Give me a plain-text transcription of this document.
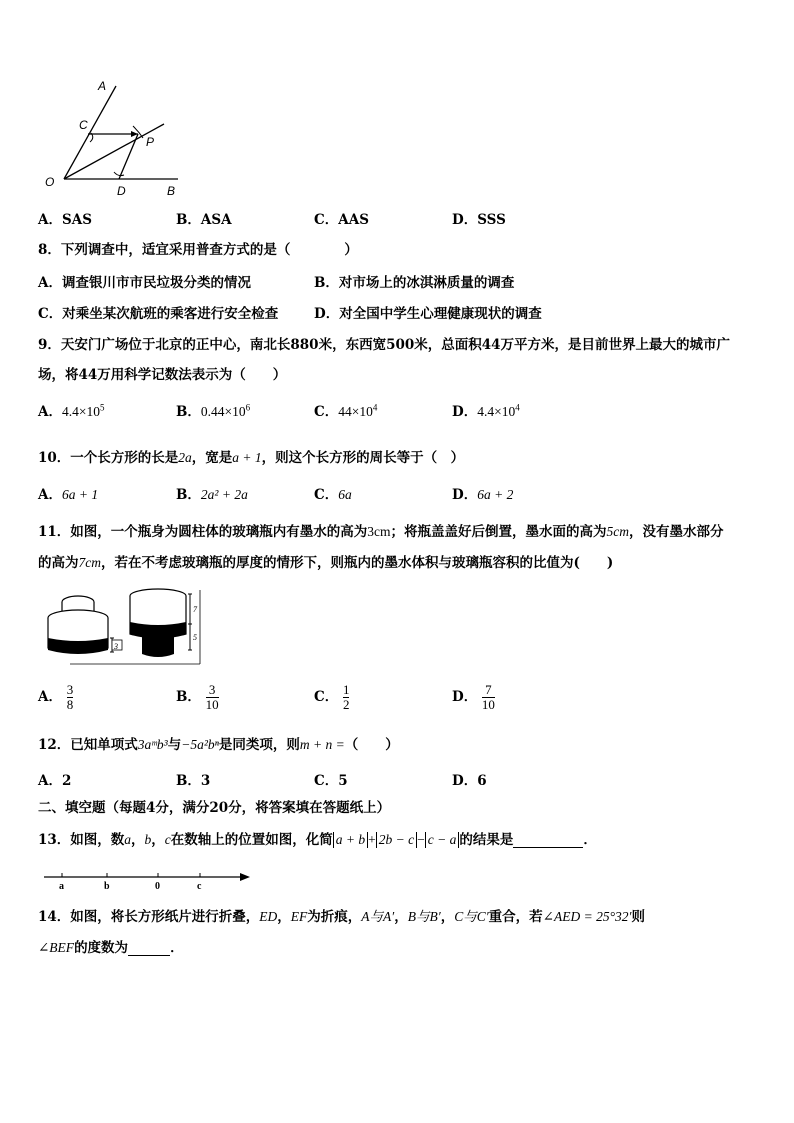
A
C
P
O
D	B
A．SAS	B．ASA	C．AAS	D．SSS
8．下列调查中，适宜采用普查方式的是（　　　　）
A．调查银川市市民垃圾分类的情况	B．对市场上的冰淇淋质量的调查
C．对乘坐某次航班的乘客进行安全检查	D．对全国中学生心理健康现状的调查
9．天安门广场位于北京的正中心，南北长880米，东西宽500米，总面积44万平方米，是目前世界上最大的城市广
场，将44万用科学记数法表示为（　　）
A．$4.4\times 10^5$	B．$0.44\times 10^6$	C．$44\times 10^4$	D．$4.4\times 10^4$
10．一个长方形的长是2a，宽是a + 1，则这个长方形的周长等于（　）
A．6a + 1	B．2a² + 2a	C．6a	D．6a + 2
11．如图，一个瓶身为圆柱体的玻璃瓶内有墨水的高为3cm；将瓶盖盖好后倒置，墨水面的高为5cm，没有墨水部分
的高为7cm，若在不考虑玻璃瓶的厚度的情形下，则瓶内的墨水体积与玻璃瓶容积的比值为(　　)
3
7
5
A． $\frac{3}{8}$	B． $\frac{3}{10}$	C． $\frac{1}{2}$	D． $\frac{7}{10}$
12．已知单项式3aᵐb³与−5a²bⁿ是同类项，则m + n =（　　）
A．2	B．3	C．5	D．6
二、填空题（每题4分，满分20分，将答案填在答题纸上）
13．如图，数a，b，c在数轴上的位置如图，化简 a + b + 2b − c − c − a 的结果是	．
a	b	0	c
14．如图，将长方形纸片进行折叠，ED，EF为折痕，A与A′，B与B′，C与C′重合，若∠AED = 25°32′则
∠BEF的度数为	．
